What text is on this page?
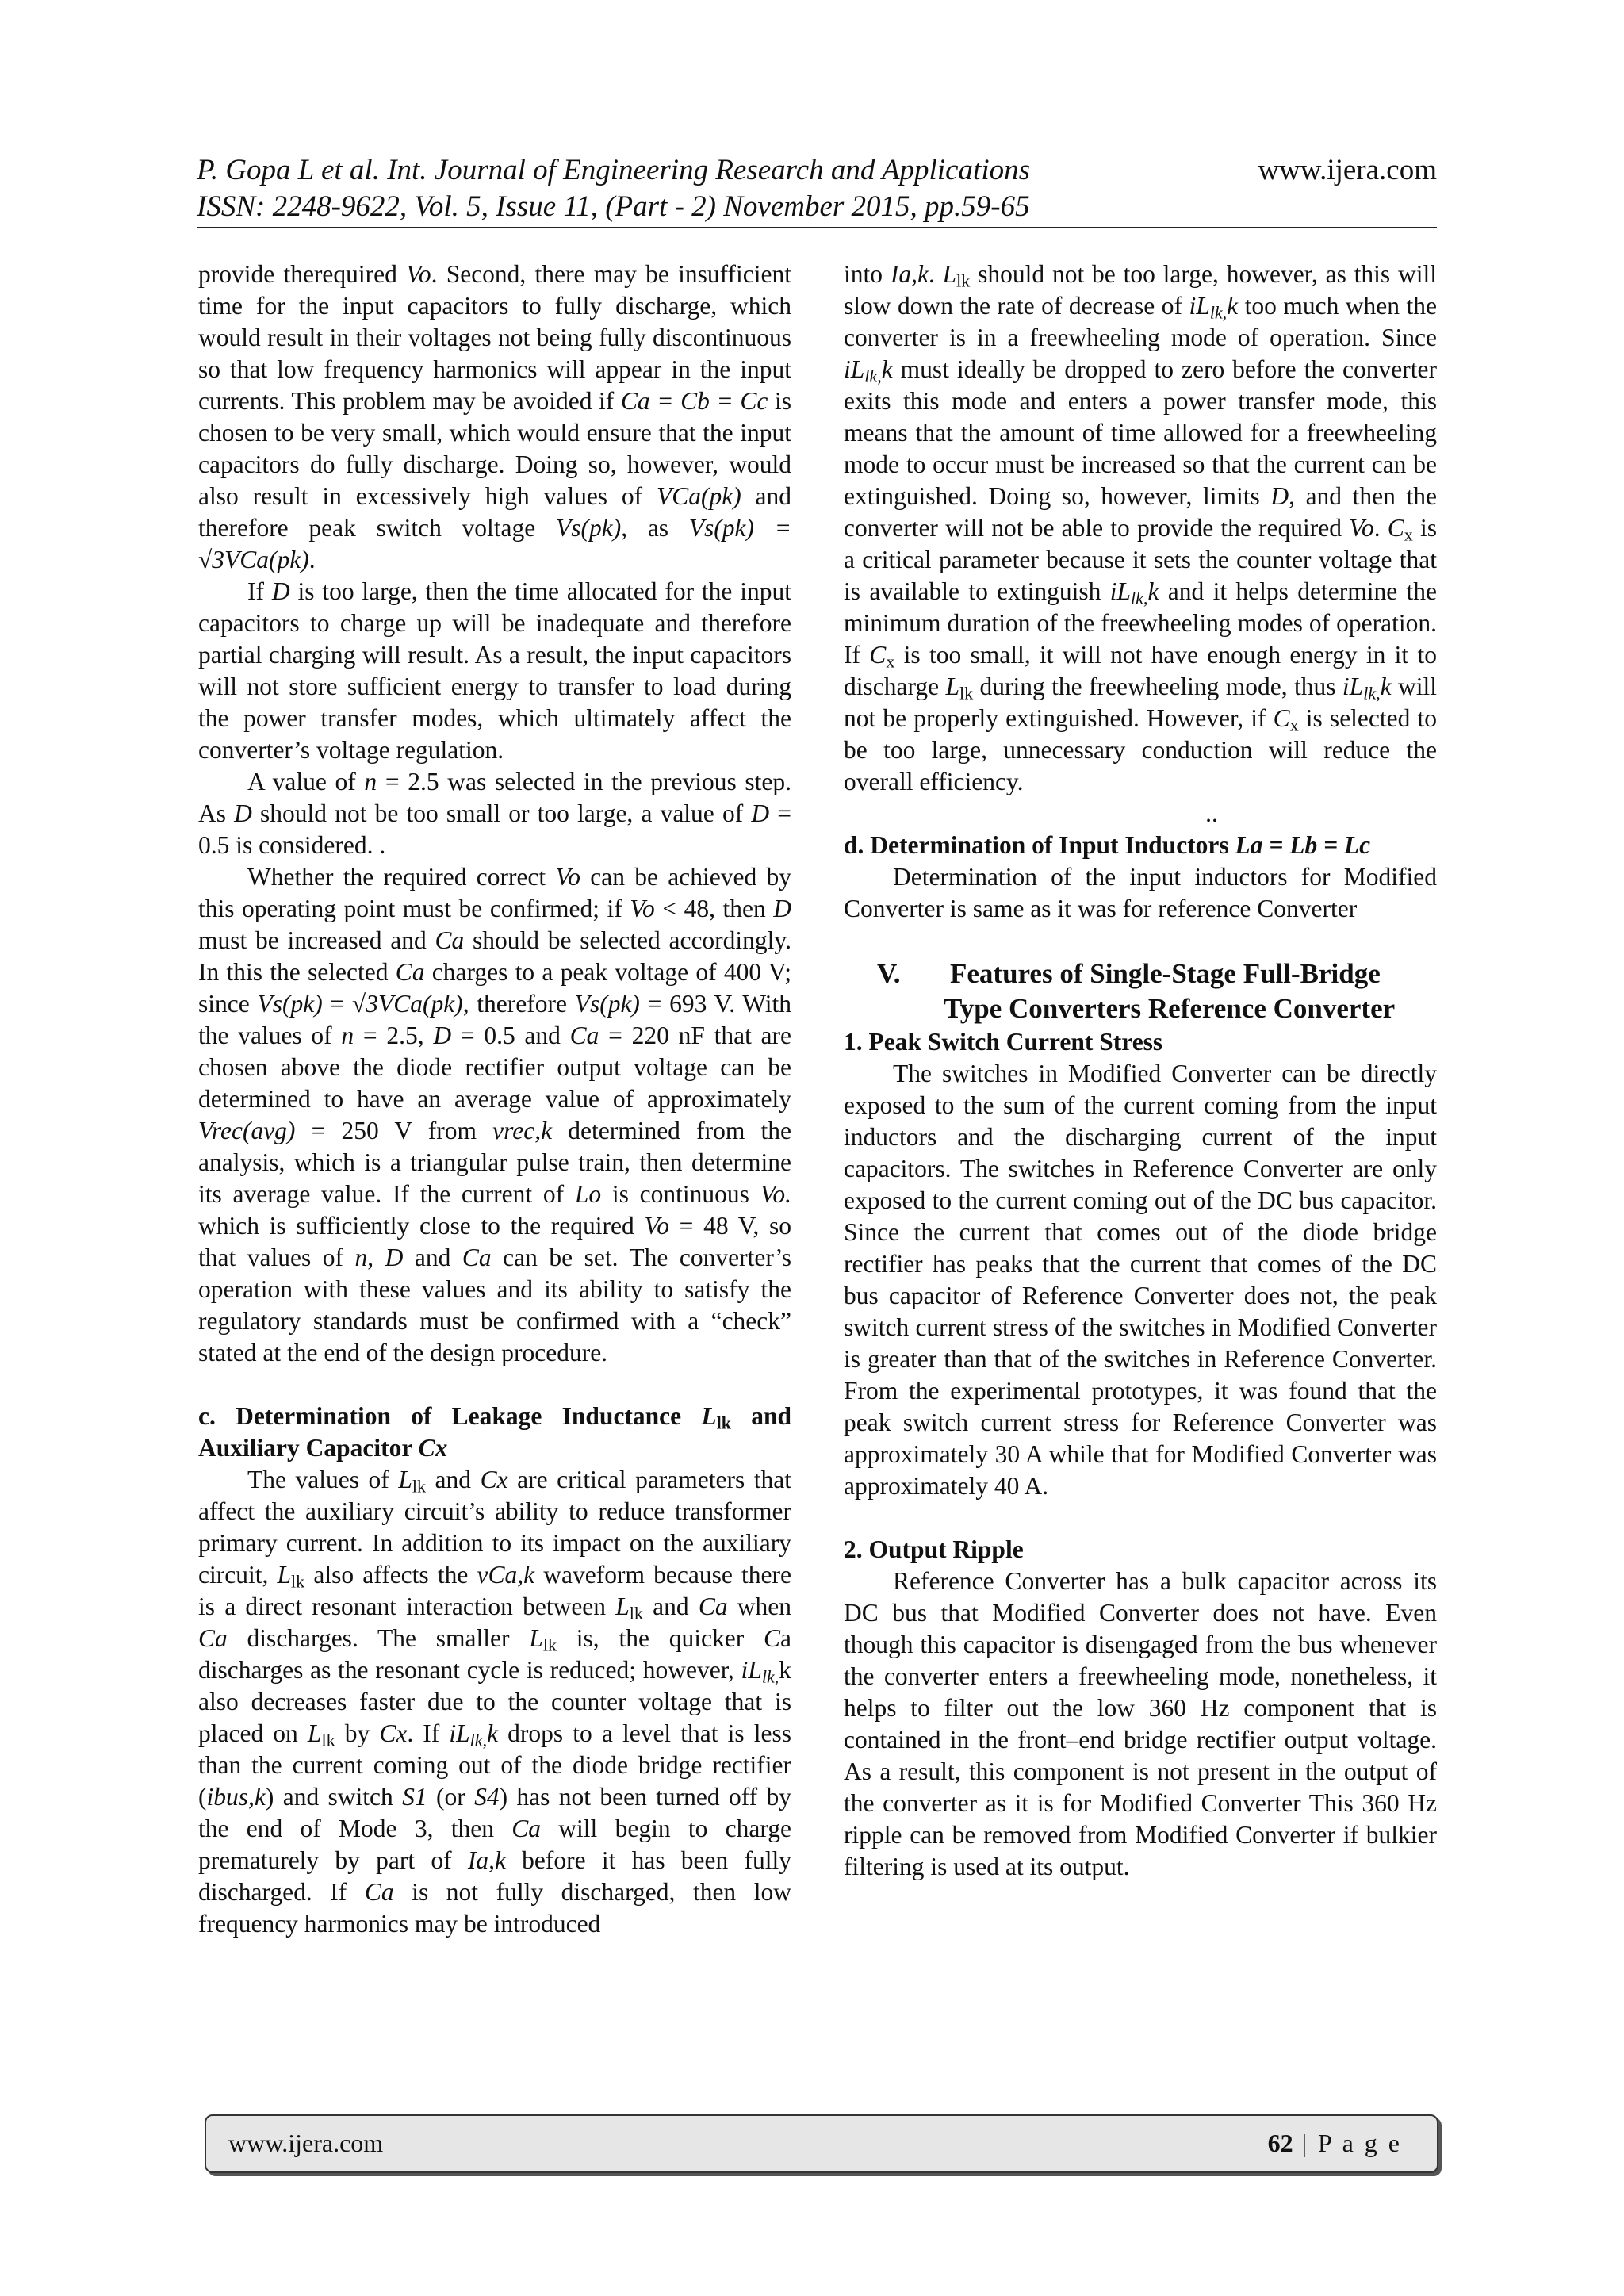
P. Gopa L et al. Int. Journal of Engineering Research and Applications	www.ijera.com
ISSN: 2248-9622, Vol. 5, Issue 11, (Part - 2) November 2015, pp.59-65

provide therequired Vo. Second, there may be insufficient time for the input capacitors to fully discharge, which would result in their voltages not being fully discontinuous so that low frequency harmonics will appear in the input currents. This problem may be avoided if Ca = Cb = Cc is chosen to be very small, which would ensure that the input capacitors do fully discharge. Doing so, however, would also result in excessively high values of VCa(pk) and therefore peak switch voltage Vs(pk), as Vs(pk) = √3VCa(pk).

If D is too large, then the time allocated for the input capacitors to charge up will be inadequate and therefore partial charging will result. As a result, the input capacitors will not store sufficient energy to transfer to load during the power transfer modes, which ultimately affect the converter’s voltage regulation.

A value of n = 2.5 was selected in the previous step. As D should not be too small or too large, a value of D = 0.5 is considered. .

Whether the required correct Vo can be achieved by this operating point must be confirmed; if Vo < 48, then D must be increased and Ca should be selected accordingly. In this the selected Ca charges to a peak voltage of 400 V; since Vs(pk) = √3VCa(pk), therefore Vs(pk) = 693 V. With the values of n = 2.5, D = 0.5 and Ca = 220 nF that are chosen above the diode rectifier output voltage can be determined to have an average value of approximately Vrec(avg) = 250 V from vrec,k determined from the analysis, which is a triangular pulse train, then determine its average value. If the current of Lo is continuous Vo. which is sufficiently close to the required Vo = 48 V, so that values of n, D and Ca can be set. The converter’s operation with these values and its ability to satisfy the regulatory standards must be confirmed with a “check” stated at the end of the design procedure.

c. Determination of Leakage Inductance $L_{lk}$ and Auxiliary Capacitor Cx

The values of $L_{lk}$ and Cx are critical parameters that affect the auxiliary circuit’s ability to reduce transformer primary current. In addition to its impact on the auxiliary circuit, $L_{lk}$ also affects the vCa,k waveform because there is a direct resonant interaction between $L_{lk}$ and Ca when Ca discharges. The smaller $L_{lk}$ is, the quicker Ca discharges as the resonant cycle is reduced; however, $iL_{lk,}k$ also decreases faster due to the counter voltage that is placed on $L_{lk}$ by Cx. If $iL_{lk,}k$ drops to a level that is less than the current coming out of the diode bridge rectifier (ibus,k) and switch S1 (or S4) has not been turned off by the end of Mode 3, then Ca will begin to charge prematurely by part of Ia,k before it has been fully discharged. If Ca is not fully discharged, then low frequency harmonics may be introduced

into Ia,k. $L_{lk}$ should not be too large, however, as this will slow down the rate of decrease of $iL_{lk,}k$ too much when the converter is in a freewheeling mode of operation. Since $iL_{lk,}k$ must ideally be dropped to zero before the converter exits this mode and enters a power transfer mode, this means that the amount of time allowed for a freewheeling mode to occur must be increased so that the current can be extinguished. Doing so, however, limits D, and then the converter will not be able to provide the required Vo. $C_x$ is a critical parameter because it sets the counter voltage that is available to extinguish $iL_{lk,}k$ and it helps determine the minimum duration of the freewheeling modes of operation. If $C_x$ is too small, it will not have enough energy in it to discharge $L_{lk}$ during the freewheeling mode, thus $iL_{lk,}k$ will not be properly extinguished. However, if $C_x$ is selected to be too large, unnecessary conduction will reduce the overall efficiency.

..

d. Determination of Input Inductors La = Lb = Lc

Determination of the input inductors for Modified Converter is same as it was for reference Converter

V. Features of Single-Stage Full-Bridge
Type Converters Reference Converter

1. Peak Switch Current Stress

The switches in Modified Converter can be directly exposed to the sum of the current coming from the input inductors and the discharging current of the input capacitors. The switches in Reference Converter are only exposed to the current coming out of the DC bus capacitor. Since the current that comes out of the diode bridge rectifier has peaks that the current that comes of the DC bus capacitor of Reference Converter does not, the peak switch current stress of the switches in Modified Converter is greater than that of the switches in Reference Converter. From the experimental prototypes, it was found that the peak switch current stress for Reference Converter was approximately 30 A while that for Modified Converter was approximately 40 A.

2. Output Ripple

Reference Converter has a bulk capacitor across its DC bus that Modified Converter does not have. Even though this capacitor is disengaged from the bus whenever the converter enters a freewheeling mode, nonetheless, it helps to filter out the low 360 Hz component that is contained in the front–end bridge rectifier output voltage. As a result, this component is not present in the output of the converter as it is for Modified Converter This 360 Hz ripple can be removed from Modified Converter if bulkier filtering is used at its output.

www.ijera.com	62 | P a g e
